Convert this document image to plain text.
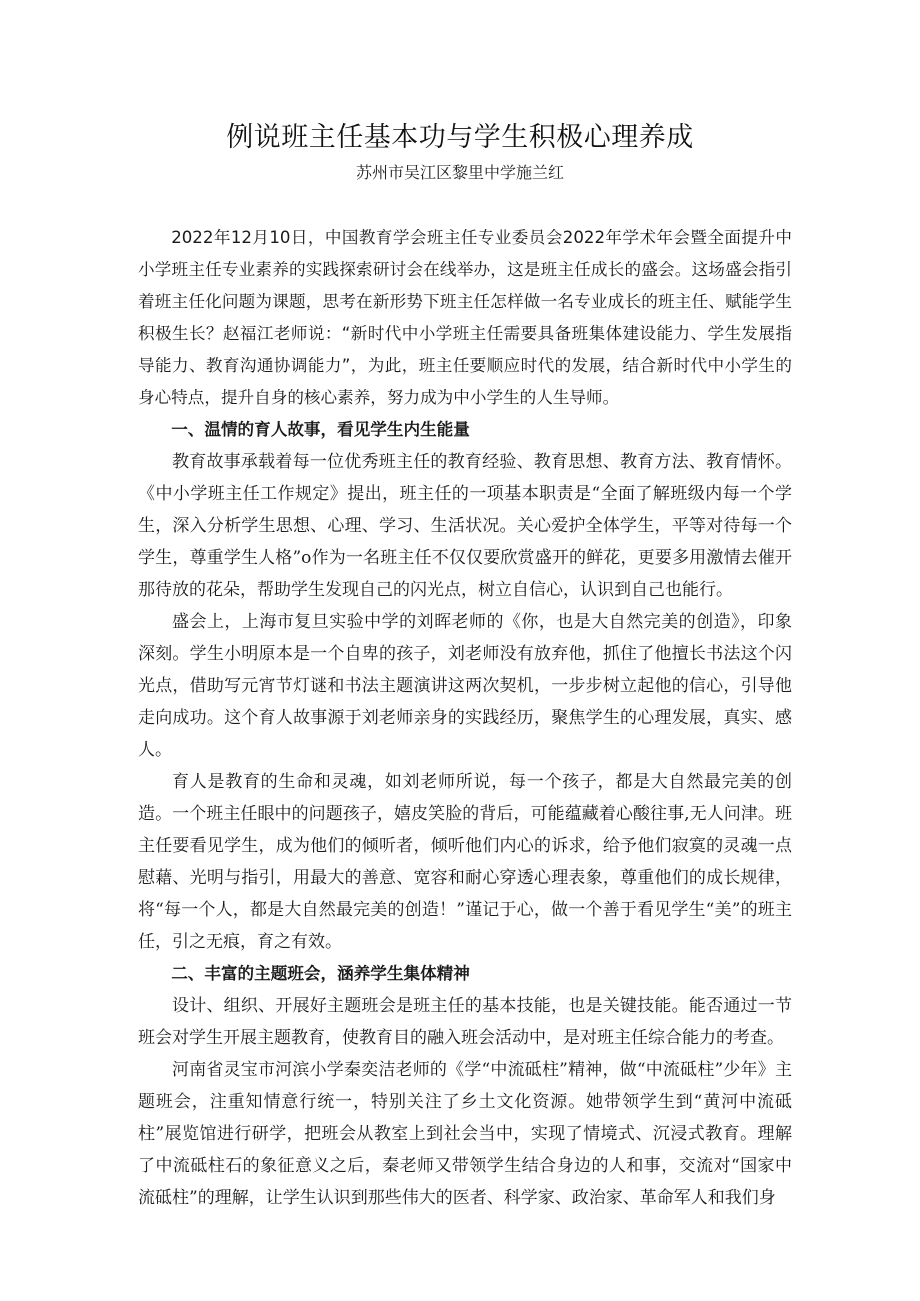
例说班主任基本功与学生积极心理养成
苏州市吴江区黎里中学施兰红

2022年12月10日，中国教育学会班主任专业委员会2022年学术年会暨全面提升中小学班主任专业素养的实践探索研讨会在线举办，这是班主任成长的盛会。这场盛会指引着班主任化问题为课题，思考在新形势下班主任怎样做一名专业成长的班主任、赋能学生积极生长？赵福江老师说：“新时代中小学班主任需要具备班集体建设能力、学生发展指导能力、教育沟通协调能力”，为此，班主任要顺应时代的发展，结合新时代中小学生的身心特点，提升自身的核心素养，努力成为中小学生的人生导师。

一、温情的育人故事，看见学生内生能量

教育故事承载着每一位优秀班主任的教育经验、教育思想、教育方法、教育情怀。《中小学班主任工作规定》提出，班主任的一项基本职责是“全面了解班级内每一个学生，深入分析学生思想、心理、学习、生活状况。关心爱护全体学生，平等对待每一个学生，尊重学生人格”o作为一名班主任不仅仅要欣赏盛开的鲜花，更要多用激情去催开那待放的花朵，帮助学生发现自己的闪光点，树立自信心，认识到自己也能行。

盛会上，上海市复旦实验中学的刘晖老师的《你，也是大自然完美的创造》，印象深刻。学生小明原本是一个自卑的孩子，刘老师没有放弃他，抓住了他擅长书法这个闪光点，借助写元宵节灯谜和书法主题演讲这两次契机，一步步树立起他的信心，引导他走向成功。这个育人故事源于刘老师亲身的实践经历，聚焦学生的心理发展，真实、感人。

育人是教育的生命和灵魂，如刘老师所说，每一个孩子，都是大自然最完美的创造。一个班主任眼中的问题孩子，嬉皮笑脸的背后，可能蕴藏着心酸往事,无人问津。班主任要看见学生，成为他们的倾听者，倾听他们内心的诉求，给予他们寂寞的灵魂一点慰藉、光明与指引，用最大的善意、宽容和耐心穿透心理表象，尊重他们的成长规律，将“每一个人，都是大自然最完美的创造！”谨记于心，做一个善于看见学生“美”的班主任，引之无痕，育之有效。

二、丰富的主题班会，涵养学生集体精神

设计、组织、开展好主题班会是班主任的基本技能，也是关键技能。能否通过一节班会对学生开展主题教育，使教育目的融入班会活动中，是对班主任综合能力的考查。

河南省灵宝市河滨小学秦奕洁老师的《学“中流砥柱”精神，做“中流砥柱”少年》主题班会，注重知情意行统一，特别关注了乡土文化资源。她带领学生到“黄河中流砥柱”展览馆进行研学，把班会从教室上到社会当中，实现了情境式、沉浸式教育。理解了中流砥柱石的象征意义之后，秦老师又带领学生结合身边的人和事，交流对“国家中流砥柱”的理解，让学生认识到那些伟大的医者、科学家、政治家、革命军人和我们身
